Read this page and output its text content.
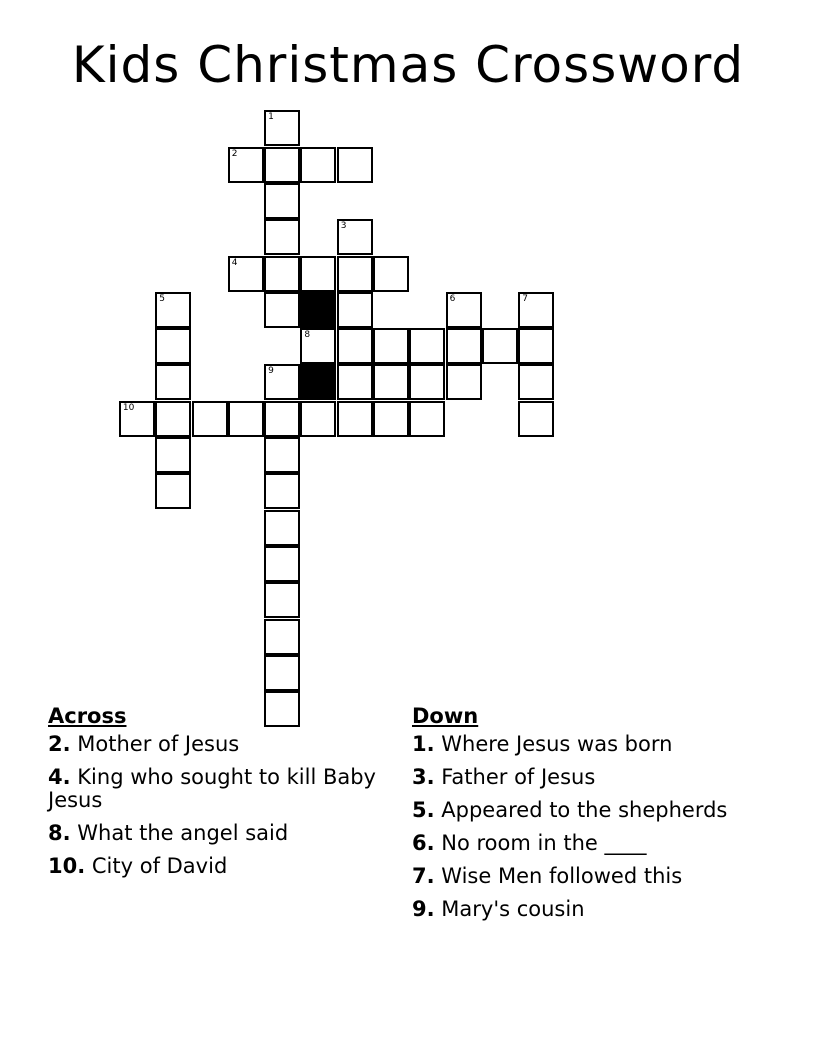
Kids Christmas Crossword
1
2
3
4
5	6	7
8
9
10
Across
2. Mother of Jesus
4. King who sought to kill Baby Jesus
8. What the angel said
10. City of David
Down
1. Where Jesus was born
3. Father of Jesus
5. Appeared to the shepherds
6. No room in the ____
7. Wise Men followed this
9. Mary's cousin
